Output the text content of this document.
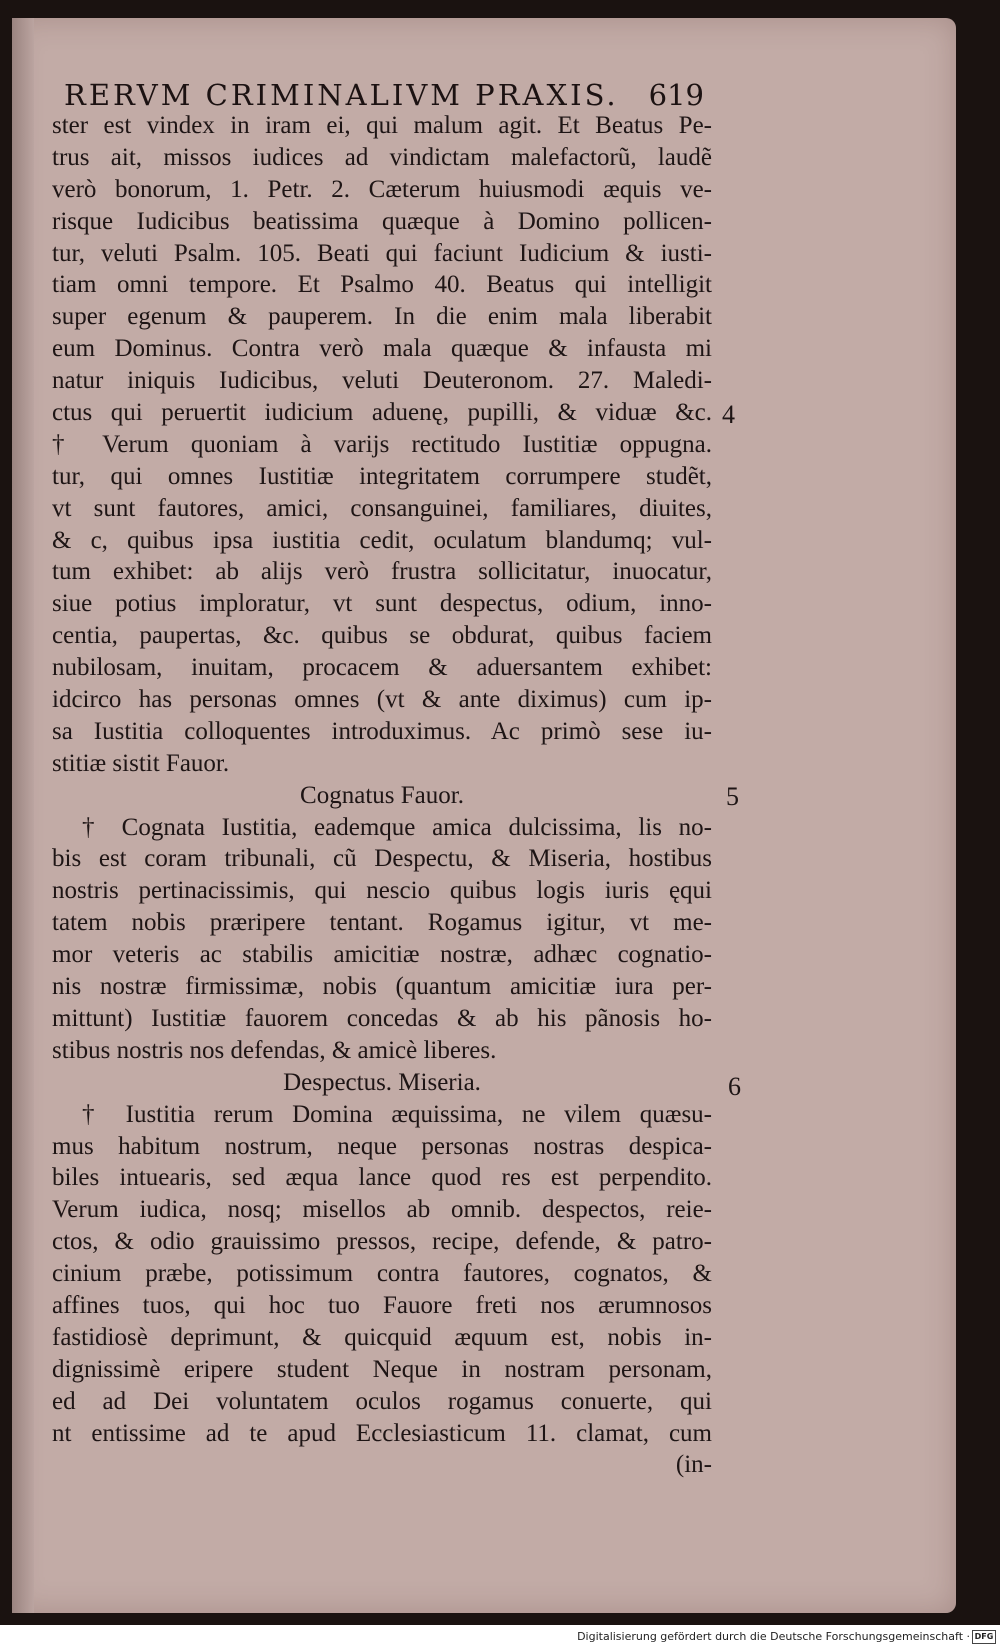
RERVM CRIMINALIVM PRAXIS. 619
ster est vindex in iram ei, qui malum agit. Et Beatus Pe-
trus ait, missos iudices ad vindictam malefactorũ, laudẽ
verò bonorum, 1. Petr. 2. Cæterum huiusmodi æquis ve-
risque Iudicibus beatissima quæque à Domino pollicen-
tur, veluti Psalm. 105. Beati qui faciunt Iudicium & iusti-
tiam omni tempore. Et Psalmo 40. Beatus qui intelligit
super egenum & pauperem. In die enim mala liberabit
eum Dominus. Contra verò mala quæque & infausta mi
natur iniquis Iudicibus, veluti Deuteronom. 27. Maledi-
ctus qui peruertit iudicium aduenę, pupilli, & viduæ &c.
† Verum quoniam à varijs rectitudo Iustitiæ oppugna.
tur, qui omnes Iustitiæ integritatem corrumpere studẽt,
vt sunt fautores, amici, consanguinei, familiares, diuites,
& c, quibus ipsa iustitia cedit, oculatum blandumq; vul-
tum exhibet: ab alijs verò frustra sollicitatur, inuocatur,
siue potius imploratur, vt sunt despectus, odium, inno-
centia, paupertas, &c. quibus se obdurat, quibus faciem
nubilosam, inuitam, procacem & aduersantem exhibet:
idcirco has personas omnes (vt & ante diximus) cum ip-
sa Iustitia colloquentes introduximus. Ac primò sese iu-
stitiæ sistit Fauor.
Cognatus Fauor.
† Cognata Iustitia, eademque amica dulcissima, lis no-
bis est coram tribunali, cũ Despectu, & Miseria, hostibus
nostris pertinacissimis, qui nescio quibus logis iuris ęqui
tatem nobis præripere tentant. Rogamus igitur, vt me-
mor veteris ac stabilis amicitiæ nostræ, adhæc cognatio-
nis nostræ firmissimæ, nobis (quantum amicitiæ iura per-
mittunt) Iustitiæ fauorem concedas & ab his pãnosis ho-
stibus nostris nos defendas, & amicè liberes.
Despectus. Miseria.
† Iustitia rerum Domina æquissima, ne vilem quæsu-
mus habitum nostrum, neque personas nostras despica-
biles intuearis, sed æqua lance quod res est perpendito.
Verum iudica, nosq; misellos ab omnib. despectos, reie-
ctos, & odio grauissimo pressos, recipe, defende, & patro-
cinium præbe, potissimum contra fautores, cognatos, &
affines tuos, qui hoc tuo Fauore freti nos ærumnosos
fastidiosè deprimunt, & quicquid æquum est, nobis in-
dignissimè eripere student Neque in nostram personam,
ed ad Dei voluntatem oculos rogamus conuerte, qui
nt entissime ad te apud Ecclesiasticum 11. clamat, cum
(in-
4
5
6
Digitalisierung gefördert durch die Deutsche Forschungsgemeinschaft · DFG
